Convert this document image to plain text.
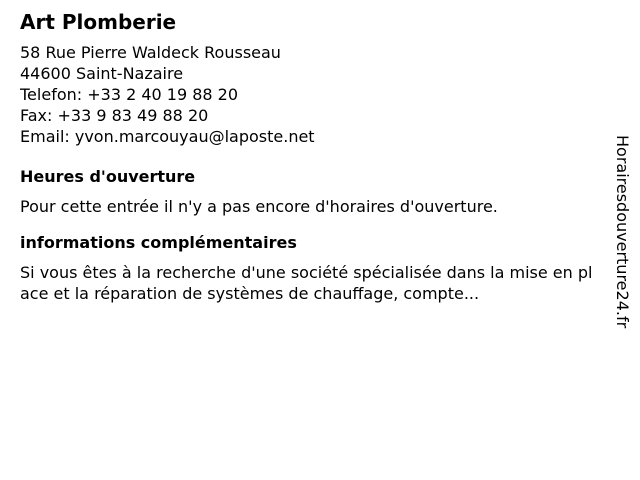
Art Plomberie
58 Rue Pierre Waldeck Rousseau
44600 Saint-Nazaire
Telefon: +33 2 40 19 88 20
Fax: +33 9 83 49 88 20
Email: yvon.marcouyau@laposte.net
Heures d'ouverture
Pour cette entrée il n'y a pas encore d'horaires d'ouverture.
informations complémentaires
Si vous êtes à la recherche d'une société spécialisée dans la mise en place et la réparation de systèmes de chauffage, compte...	Horairesdouverture24.fr
